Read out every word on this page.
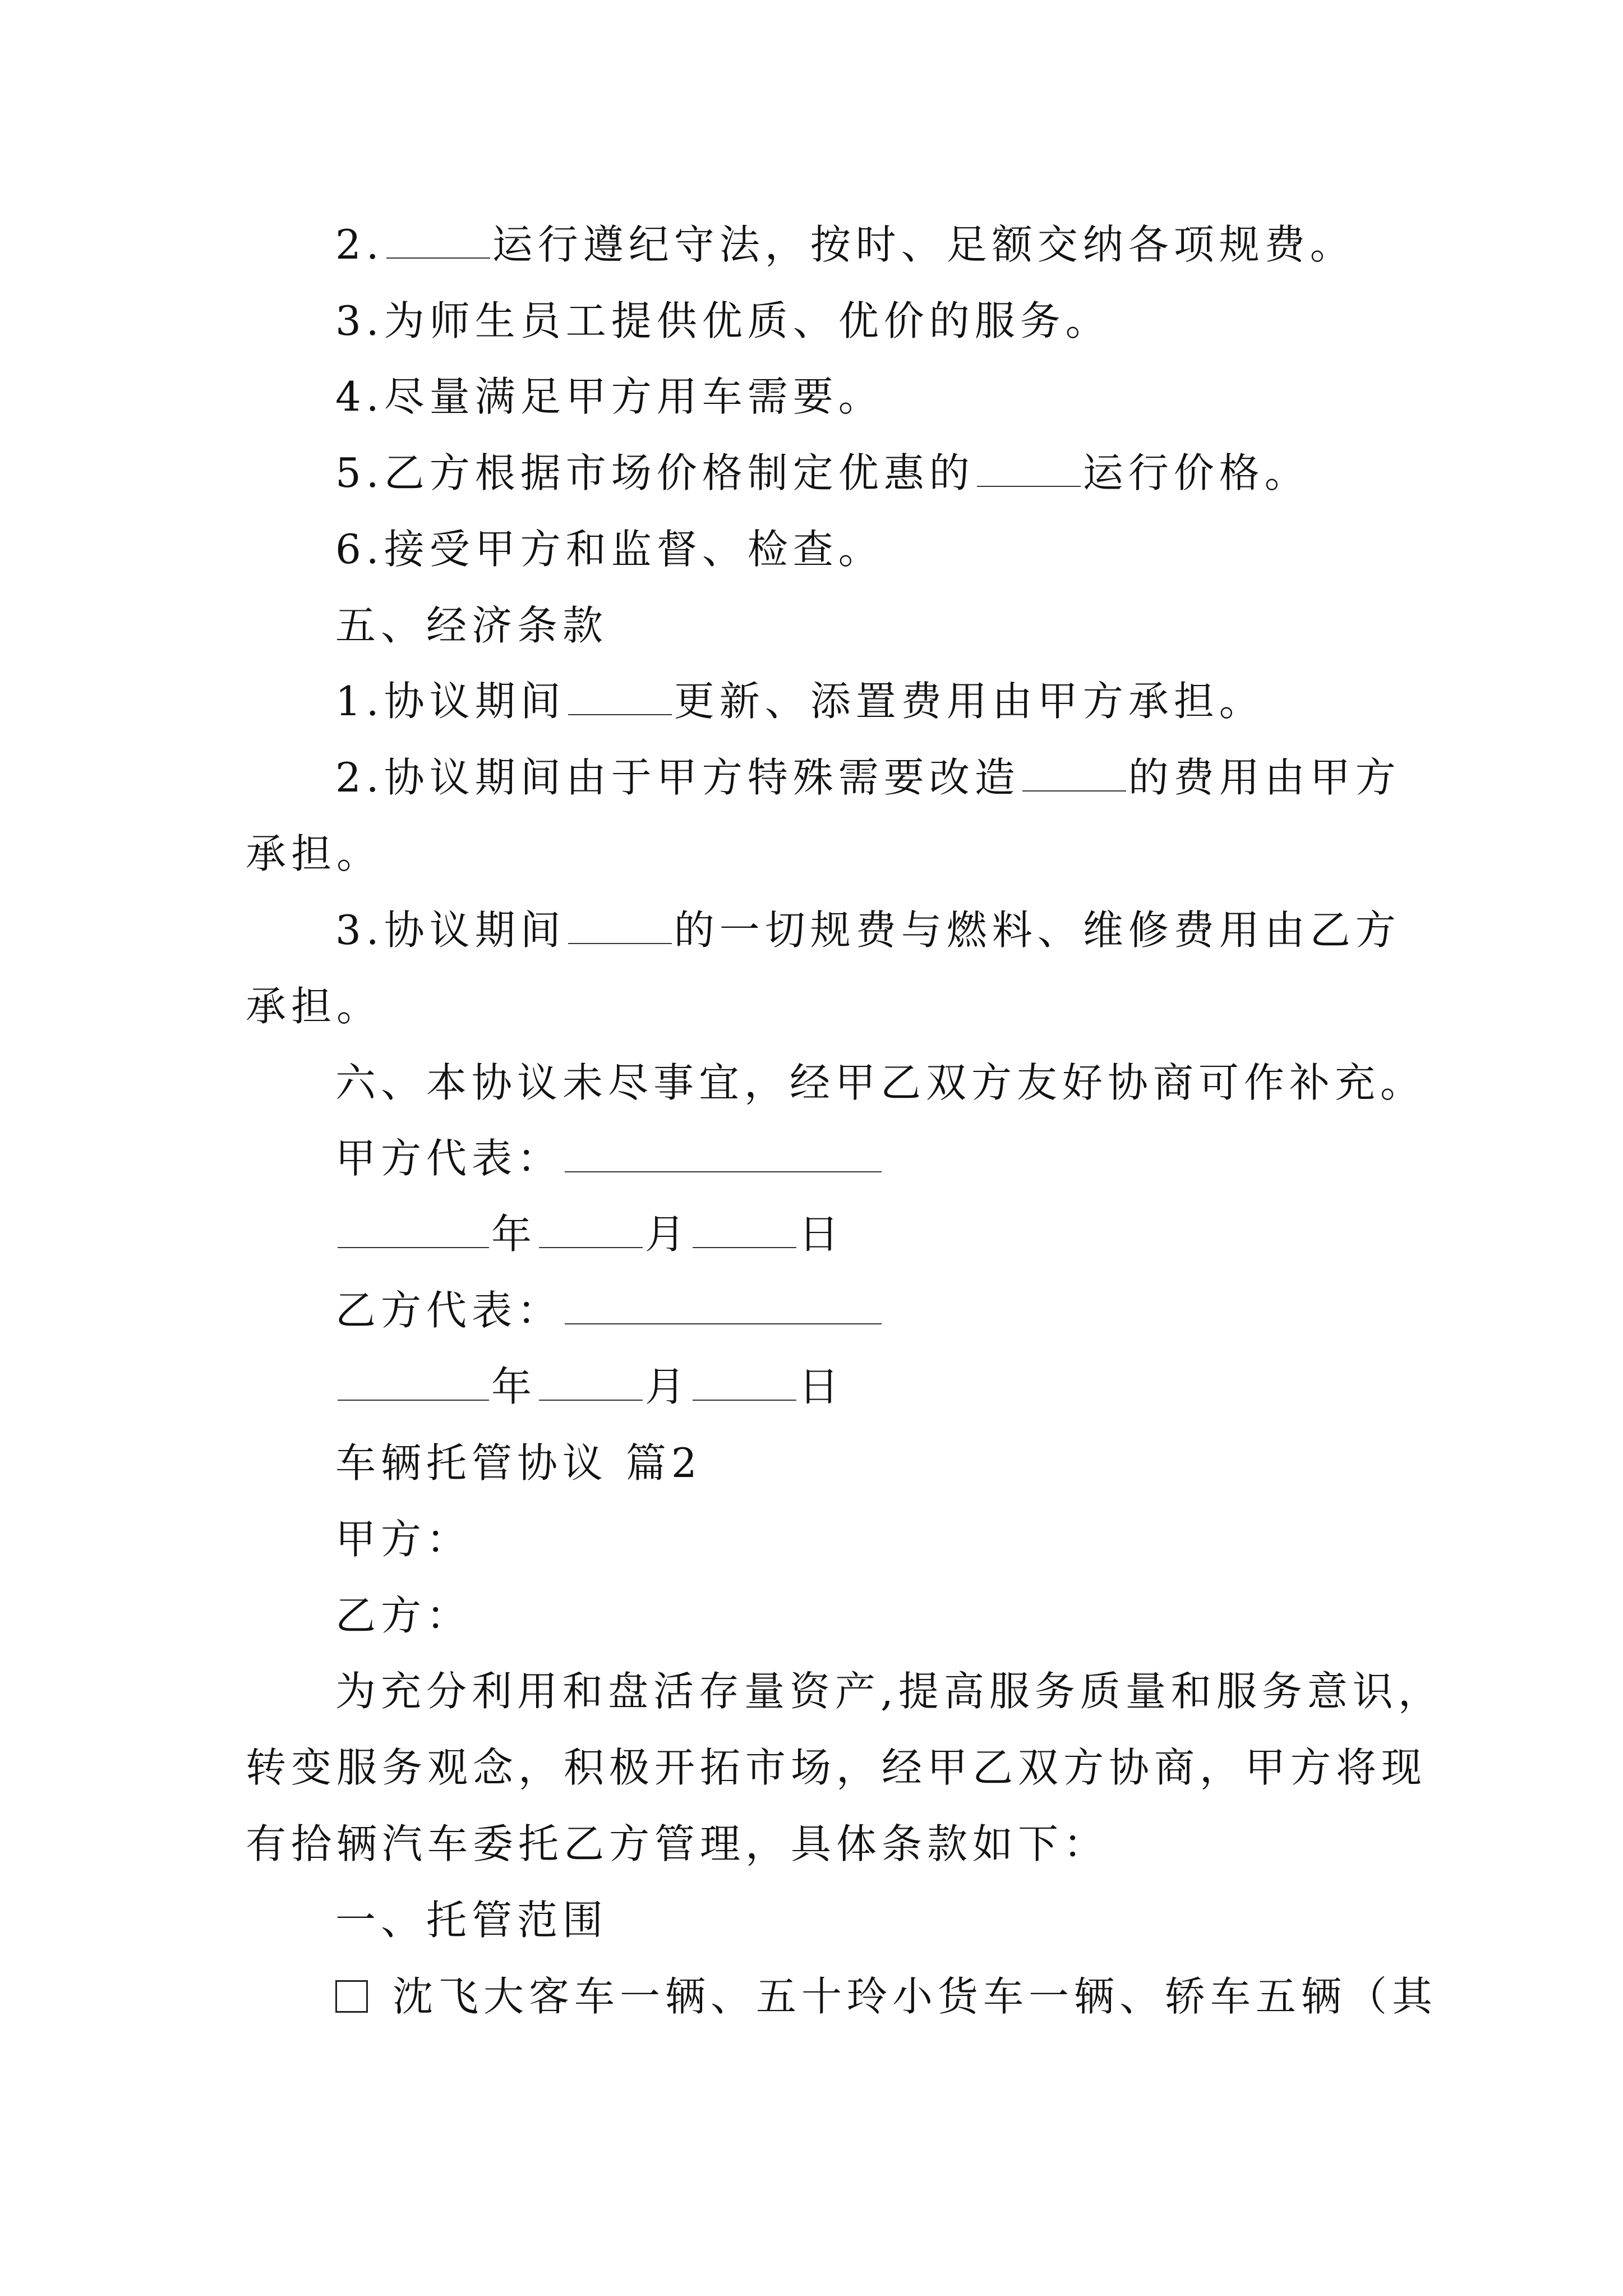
2.	运行遵纪守法，按时、足额交纳各项规费。
3.为师生员工提供优质、优价的服务。
4.尽量满足甲方用车需要。
5.乙方根据市场价格制定优惠的	运行价格。
6.接受甲方和监督、检查。
五、经济条款
1.协议期间	更新、添置费用由甲方承担。
2.协议期间由于甲方特殊需要改造	的费用由甲方
承担。
3.协议期间	的一切规费与燃料、维修费用由乙方
承担。
六、本协议未尽事宜，经甲乙双方友好协商可作补充。
甲方代表：
年	月	日
乙方代表：
年	月	日
车辆托管协议 篇2
甲方：
乙方：
为充分利用和盘活存量资产,提高服务质量和服务意识，
转变服务观念，积极开拓市场，经甲乙双方协商，甲方将现
有拾辆汽车委托乙方管理，具体条款如下：
一、托管范围
沈飞大客车一辆、五十玲小货车一辆、轿车五辆（其
